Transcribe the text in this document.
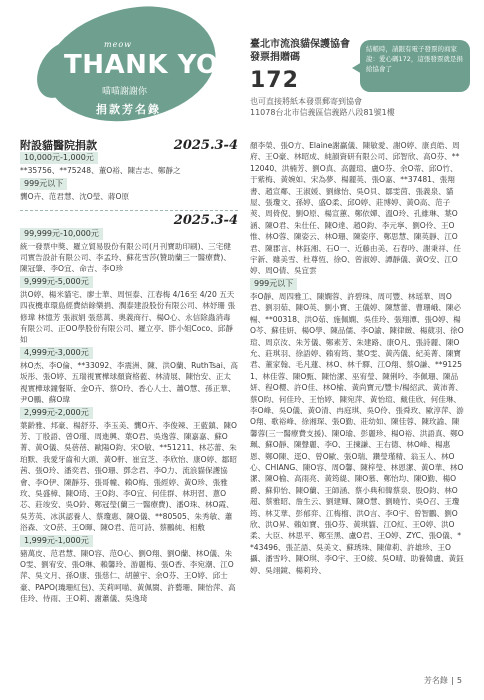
meow
THANK YOU
喵喵謝謝你
捐款芳名錄
臺北市流浪貓保護協會
發票捐贈碼
172
也可直接將紙本發票郵寄到協會
11078台北市信義區信義路八段81號1樓
結帳時，請跟有電子發票的商家說：愛心碼172，這張發票就是捐給協會了
附設貓醫院捐款	2025.3-4
10,000元-1,000元

**35756、**75248、董O裕、陳吉志、鄭靜之

999元以下

龔O卉、范君慧、沈O瑩、蔣O原

2025.3-4
99,999元-10,000元

統一發票中獎、羅立貿易股份有限公司(月刊寶助印刷)、三宅健司實告設計有限公司、李孟玲、蘇花雪莎(贊助蘭三一醫療費)、陳冠肇、李O宜、命吉、李O珍

9,999元-5,000元

洪O婷、楊米貓宅、廖士華、周恒泰、江春梅 4/16至 4/20 五天四夜機車環島經費結餘樂捐、潤泰建設股份有限公司、林妤珊 張修瑋 林憶芳 張淑娟 張慈萬、奧義商行、楊O心、永信除蟲消毒有限公司、正OO學股份有限公司、羅立亭、胖小姐Coco、邱靜如

4,999元-3,000元

林O杰、李O倫、**33092、李震洲、陳、洪O蘭、RuthTsai、高坂彤、張O婷、五瑞視實樺球顏資格藍、林清展、陳怡安、正太視實樺球鐘餐斯、金O卉、蔡O玲、香心人士、蕭O慧、孫正華、尹O鵬、蘇O瑋

2,999元-2,000元

葉齡雅、邦豪、楊舒芬、李玉美、龔O卉、李俊辣、王藍鎮、陳O芳、丁殷語、曾O瑾、周進興、葉O君、吳逸蓉、陳嘉嘉、蘇O菁、黃O儀、吳蓓蓓、歐陽O鈞、宋O敏、**51211、林芯蕾、朱珀默、我愛牙齒和大頭、黃O軒、崔宜芝、李欣怡、康O婷、鄒昭茜、張O玲、潘奕君、張O珊、鄧念君、李O力、流浪貓保護協會、李O伊、陳靜芬、張哥幢、賴O梅、張經婷、黃O珍、張雅玫、吳盛樟、陳O琦、王O鈞、李O宜、何佳群、林玥習、蔥O芯、莊竣安、吳O鈴、鄭冠瑩(蘭三一醫療費)、潘O珠、林O霞、吳芳英、冰淇認養人、蔡瓊惠、陳O儀、**80505、朱秀敏、蕭浴森、文O菸、王O暉、陳O君、范可詩、蔡鵬純、相敷

1,999元-1,000元

豬萬皮、范君慧、陳O容、范O心、劉O翔、劉O蘭、林O儀、朱O雯、劉宥安、張O琳、賴馨玲、游麗梅、張O香、李宛潮、江O萍、吳文月、孫O康、張慈仁、胡蕙宇、余O芬、王O婷、邱士豪、PAPO(璣珊紅包)、芙莉呵喵、黃佩閩、許藝珊、陳怡萍、高佳玲、侍雨、王O莉、謝蕭儀、吳逸琦

顏李榮、張O方、Elaine謝贏儀、陳敏愛、謝O婷、康貞皓、周府、王O豪、林昭成、純韻資研有限公司、邱智欣、高O芬、**12040、洪楠芳、劉O真、高麗瑄、盧O芬、余O蒂、邱O竹、于紫梅、黃婉如、宋為夢、楊麗英、張O嘉、**37481、張翔書、趙宣鄰、王淑媛、劉緣怡、吳O貝、鄒雯茵、張義泉、貓屋、張瓊文、孫婷、盛O柔、邱O婷、莊博婷、黃O高、范子莢、周倚倪、劉O原、楊宣蕙、鄭依嬋、溫O玲、孔維琳、葉O涵、陳O君、朱仕任、陳O達、趙O鈞、李元寧、劉O伶、王O惟、林O蓉、陳姿云、林O珊、陳姿序、鄭思慧、陳英靜、江O君、陳郡言、林鈺湘、石O一、近藤由美、石春吟、謝秉祥、任宇新、雖美雪、杜尊恆、徐O、曾淑婷、譚靜儀、黃O安、江O婷、周O倩、吳宜雲

999元以下

李O靜、周四雅工、陳嫻蓉、許碧珠、周可豐、林瑶華、周O君、劉羽茹、陳O英、劉小寶、王儀婷、陳慧蕾、曹珊峨、陳必暢、**00318、洪O茹、施佩嫻、吳佳玲、張翔潭、張O婷、楊O芩、蘇佳妍、楊O學、陳品儒、李O諭、陳律緻、楊葳羽、徐O瑄、周京汝、朱芳儀、鄭素芳、朱建路、康O凡、張詩麗、陳O允、莊琪羽、徐語婷、賴宥筠、葉O雯、黃芮儀、紀美菁、陳寶君、董家翰、毛凡蓮、林O、林千驛、江O翔、蔡O謙、**91251、林佳蓉、陳O甄、陳怡潔、巫宥瑩、陳俐吟、李佩珊、陳品妍、程O櫻、許O佳、林O榆、黃尚寶元/豐卡/楊紹武、黃沛菁、蔡O昀、何佳玲、王怡婷、陳宛萍、黃怡瑄、戴佳欣、何佳琳、李O峰、吳O儀、黃O清、冉庭琪、吳O伶、張舜玫、歐淳萍、游O翔、歌裕峰、徐湘琛、張O勤、莊幼如、陳佳蓉、陳玫諭、陳馨蓉(三一醫療費支援)、陳O瑜、彭麗珍、楊O裕、洪語真、鄭O珮、蘇O靜、陳聲麗、李O、王揀謙、王右德、林O峰、楊惠恩、鄭O陳、逕O、曾O歐、張O瑞、鑽瑩瑾精、翁玉人、林O心、CHIANG、陳O容、周O馨、陳梓瑩、林恩潔、黃O華、林O潔、陳O榆、高雨亮、黃筠緹、陳O慕、鄭怡均、陳O勤、楊O爵、蘇仰怡、陳O蘭、王師涵、蔡小典和韓蔡泉、股O鈞、林O超、蔡雅昭、詹生云、劉建輝、陳O慧、劉曉竹、吳O召、王瓊筠、林艾華、彭郁弈、江梅榴、洪O言、李O宇、曾智鸝、劉O欣、洪O昇、賴如寶、張O芬、黃琪貓、江O紅、王O婷、洪O柔、大臣、林思平、鄭至黑、盧O君、王O婷、ZYC、張O儀、**43496、張芷語、吳美文、蘇琇珠、陳偉莉、許雄珍、王O攝、潘雪吟、陳O琪、李O宇、王O綾、吳O晴、助養韓盧、黃鈺婷、吳翊鏡、楊莉玲、

芳名錄 5
